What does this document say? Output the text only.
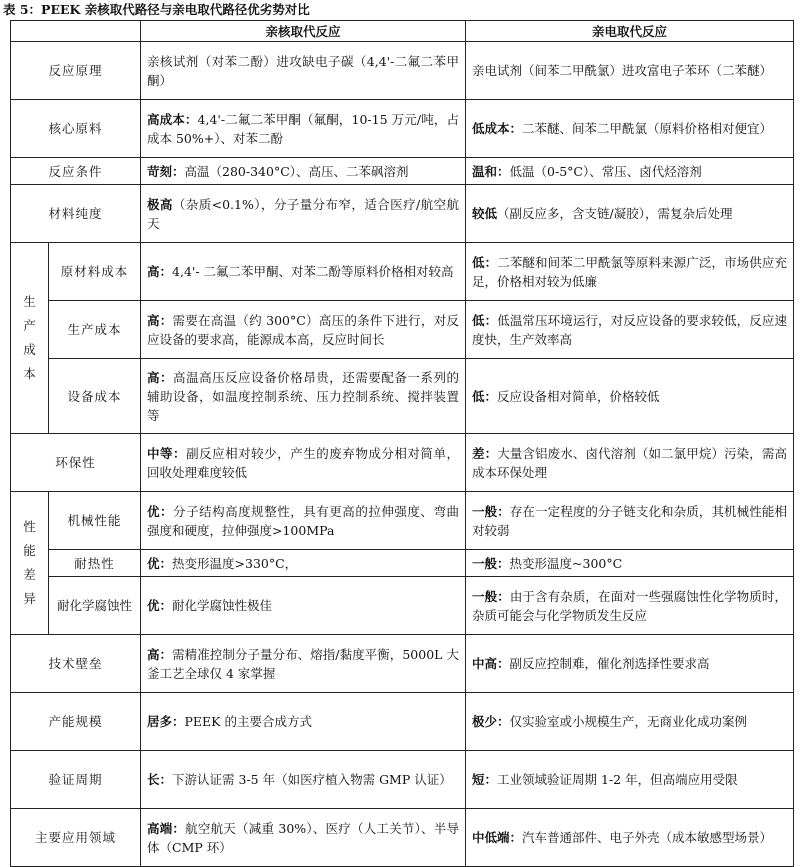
表 5：PEEK 亲核取代路径与亲电取代路径优劣势对比
		亲核取代反应	亲电取代反应
反应原理		亲核试剂（对苯二酚）进攻缺电子碳（4,4'-二氟二苯甲酮）	亲电试剂（间苯二甲酰氯）进攻富电子苯环（二苯醚）
核心原料		高成本：4,4'-二氟二苯甲酮（氟酮，10-15 万元/吨，占成本 50%+）、对苯二酚	低成本：二苯醚、间苯二甲酰氯（原料价格相对便宜）
反应条件		苛刻：高温（280-340°C）、高压、二苯砜溶剂	温和：低温（0-5°C）、常压、卤代烃溶剂
材料纯度		极高（杂质<0.1%），分子量分布窄，适合医疗/航空航天	较低（副反应多，含支链/凝胶），需复杂后处理

生产成本	原材料成本	高：4,4'- 二氟二苯甲酮、对苯二酚等原料价格相对较高	低：二苯醚和间苯二甲酰氯等原料来源广泛，市场供应充足，价格相对较为低廉
	生产成本	高：需要在高温（约 300°C）高压的条件下进行，对反应设备的要求高，能源成本高，反应时间长	低：低温常压环境运行，对反应设备的要求较低，反应速度快，生产效率高
	设备成本	高：高温高压反应设备价格昂贵，还需要配备一系列的辅助设备，如温度控制系统、压力控制系统、搅拌装置等	低：反应设备相对简单，价格较低
环保性		中等：副反应相对较少，产生的废弃物成分相对简单，回收处理难度较低	差：大量含铝废水、卤代溶剂（如二氯甲烷）污染，需高成本环保处理

性能差异	机械性能	优：分子结构高度规整性，具有更高的拉伸强度、弯曲强度和硬度，拉伸强度>100MPa	一般：存在一定程度的分子链支化和杂质，其机械性能相对较弱
	耐热性	优：热变形温度>330°C，	一般：热变形温度~300°C
	耐化学腐蚀性	优：耐化学腐蚀性极佳	一般：由于含有杂质，在面对一些强腐蚀性化学物质时，杂质可能会与化学物质发生反应
技术壁垒		高：需精准控制分子量分布、熔指/黏度平衡，5000L 大釜工艺全球仅 4 家掌握	中高：副反应控制难，催化剂选择性要求高
产能规模		居多：PEEK 的主要合成方式	极少：仅实验室或小规模生产，无商业化成功案例
验证周期		长：下游认证需 3-5 年（如医疗植入物需 GMP 认证）	短：工业领域验证周期 1-2 年，但高端应用受限
主要应用领域		高端：航空航天（减重 30%）、医疗（人工关节）、半导体（CMP 环）	中低端：汽车普通部件、电子外壳（成本敏感型场景）
